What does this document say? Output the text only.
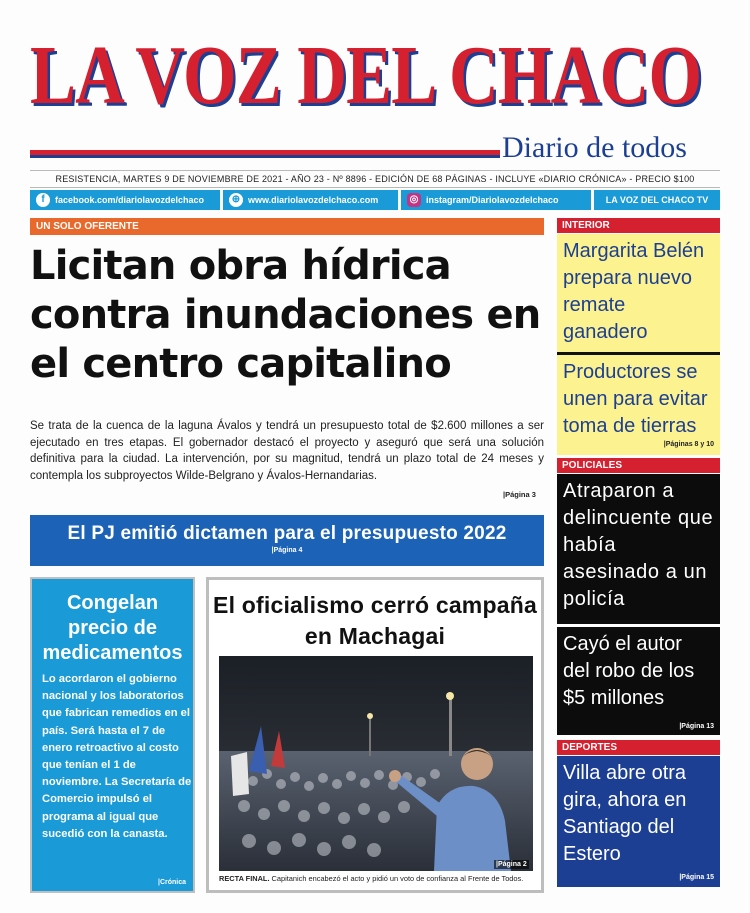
LA VOZ DEL CHACO
Diario de todos
RESISTENCIA, MARTES 9 DE NOVIEMBRE DE 2021 - AÑO 23 - Nº 8896 - EDICIÓN DE 68 PÁGINAS - INCLUYE «DIARIO CRÓNICA» - PRECIO $100
f	facebook.com/diariolavozdelchaco	⊕ www.diariolavozdelchaco.com	◎ instagram/Diariolavozdelchaco	LA VOZ DEL CHACO TV
UN SOLO OFERENTE
Licitan obra hídrica contra inundaciones en el centro capitalino
Se trata de la cuenca de la laguna Ávalos y tendrá un presupuesto total de $2.600 millones a ser ejecutado en tres etapas. El gobernador destacó el proyecto y aseguró que será una solución definitiva para la ciudad. La intervención, por su magnitud, tendrá un plazo total de 24 meses y contempla los subproyectos Wilde-Belgrano y Ávalos-Hernandarias.
|Página 3
El PJ emitió dictamen para el presupuesto 2022
|Página 4
Congelan precio de medicamentos
Lo acordaron el gobierno nacional y los laboratorios que fabrican remedios en el país. Será hasta el 7 de enero retroactivo al costo que tenían el 1 de noviembre. La Secretaría de Comercio impulsó el programa al igual que sucedió con la canasta.
|Crónica
El oficialismo cerró campaña en Machagai
|Página 2
RECTA FINAL. Capitanich encabezó el acto y pidió un voto de confianza al Frente de Todos.
INTERIOR
Margarita Belén prepara nuevo remate ganadero
Productores se unen para evitar toma de tierras
|Páginas 8 y 10
POLICIALES
Atraparon a delincuente que había asesinado a un policía
Cayó el autor del robo de los $5 millones
|Página 13
DEPORTES
Villa abre otra gira, ahora en Santiago del Estero
|Página 15
